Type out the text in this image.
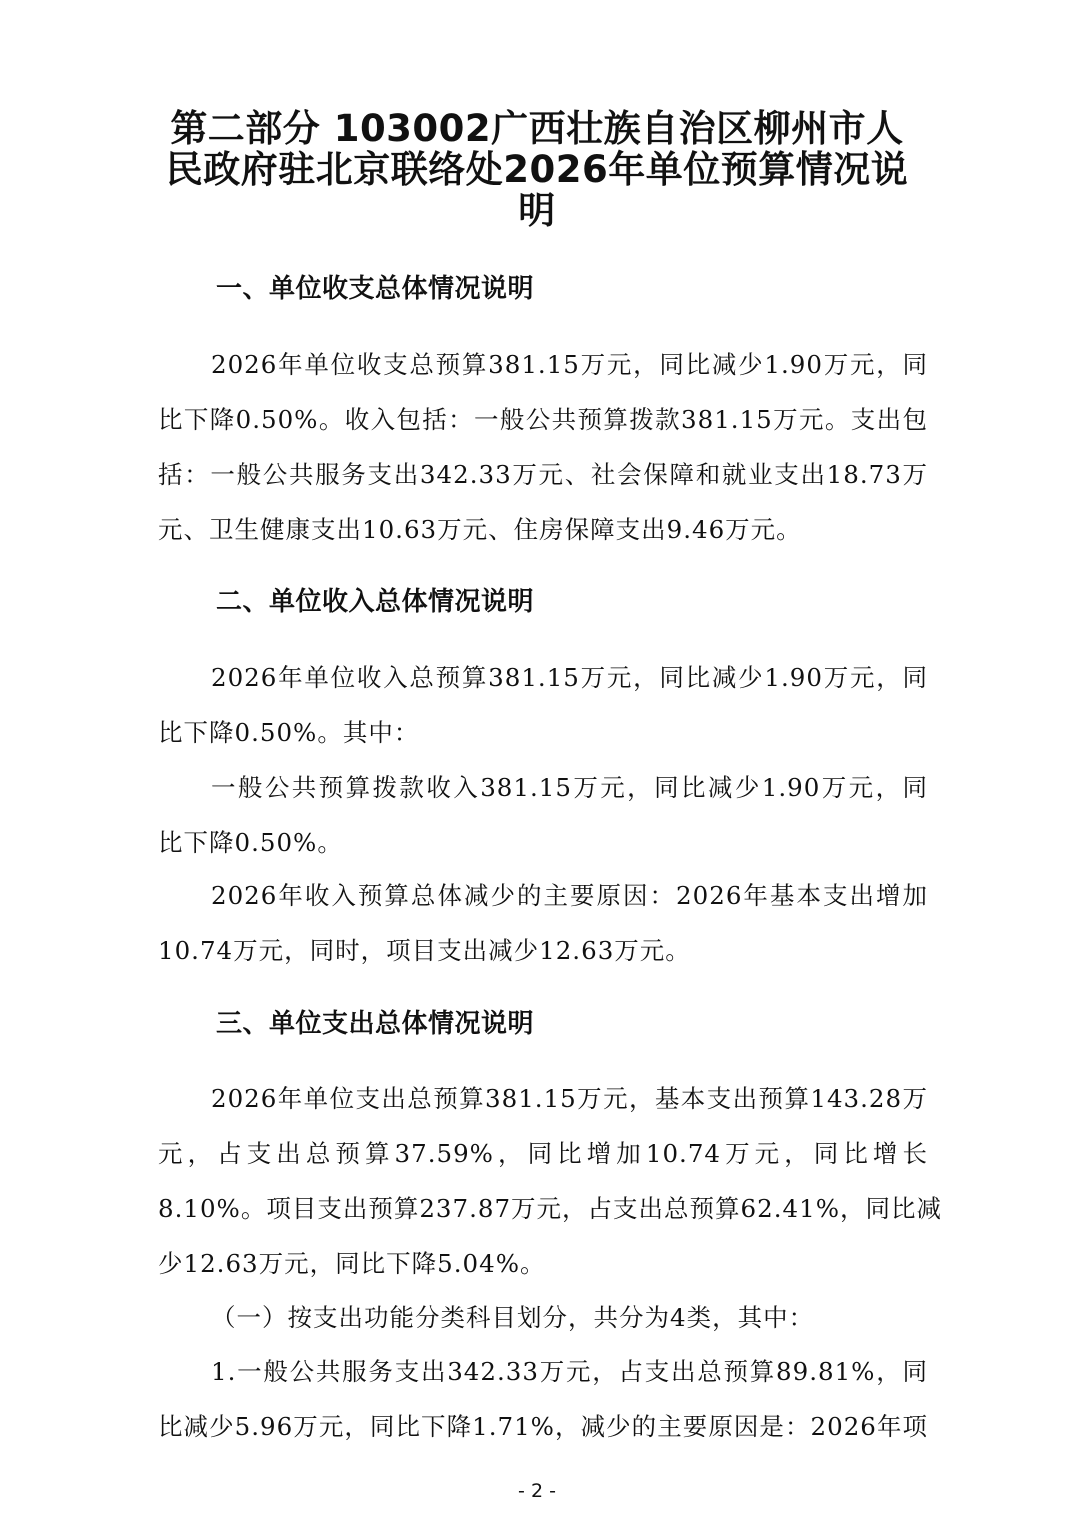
第二部分 103002广西壮族自治区柳州市人
民政府驻北京联络处2026年单位预算情况说
明
一、单位收支总体情况说明
2026年单位收支总预算381.15万元，同比减少1.90万元，同
比下降0.50%。收入包括：一般公共预算拨款381.15万元。支出包
括：一般公共服务支出342.33万元、社会保障和就业支出18.73万
元、卫生健康支出10.63万元、住房保障支出9.46万元。
二、单位收入总体情况说明
2026年单位收入总预算381.15万元，同比减少1.90万元，同
比下降0.50%。其中：
一般公共预算拨款收入381.15万元，同比减少1.90万元，同
比下降0.50%。
2026年收入预算总体减少的主要原因：2026年基本支出增加
10.74万元，同时，项目支出减少12.63万元。
三、单位支出总体情况说明
2026年单位支出总预算381.15万元，基本支出预算143.28万
元，占支出总预算37.59%，同比增加10.74万元，同比增长
8.10%。项目支出预算237.87万元，占支出总预算62.41%，同比减
少12.63万元，同比下降5.04%。
（一）按支出功能分类科目划分，共分为4类，其中：
1.一般公共服务支出342.33万元，占支出总预算89.81%，同
比减少5.96万元，同比下降1.71%，减少的主要原因是：2026年项
- 2 -
